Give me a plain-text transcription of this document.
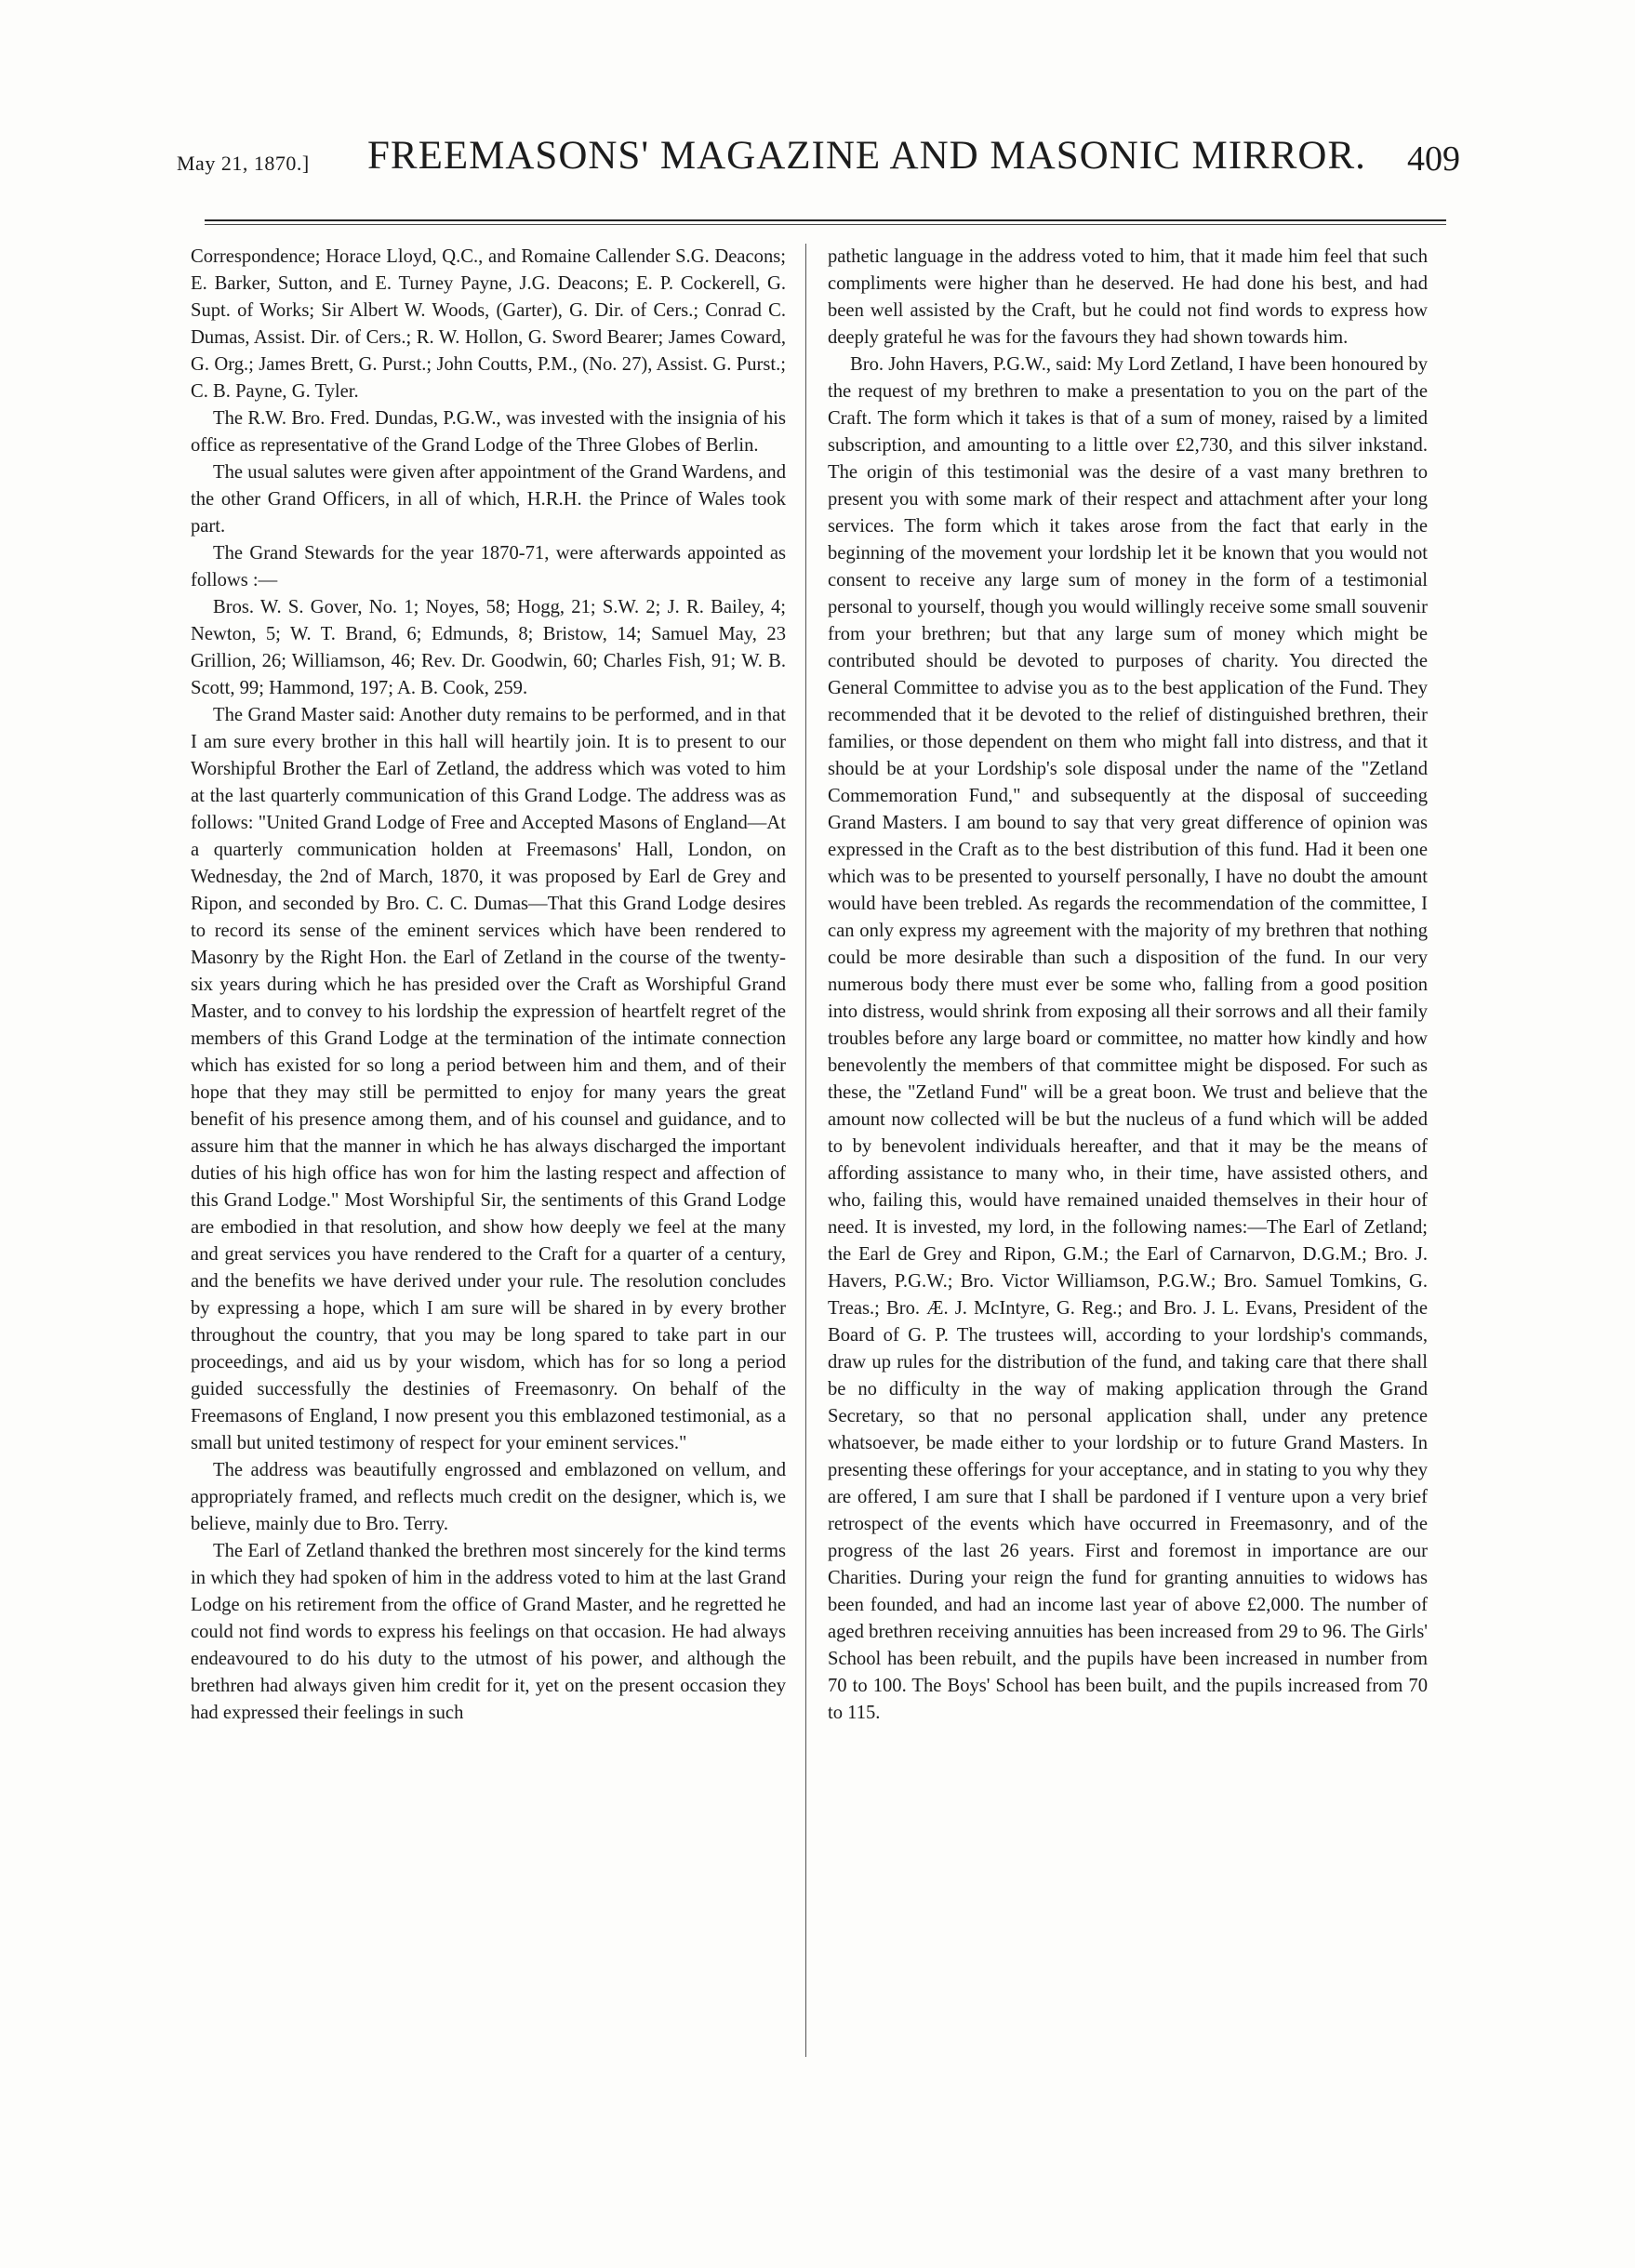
May 21, 1870.] FREEMASONS' MAGAZINE AND MASONIC MIRROR. 409

Correspondence; Horace Lloyd, Q.C., and Romaine Callender S.G. Deacons; E. Barker, Sutton, and E. Turney Payne, J.G. Deacons; E. P. Cockerell, G. Supt. of Works; Sir Albert W. Woods, (Garter), G. Dir. of Cers.; Conrad C. Dumas, Assist. Dir. of Cers.; R. W. Hollon, G. Sword Bearer; James Coward, G. Org.; James Brett, G. Purst.; John Coutts, P.M., (No. 27), Assist. G. Purst.; C. B. Payne, G. Tyler.

The R.W. Bro. Fred. Dundas, P.G.W., was invested with the insignia of his office as representative of the Grand Lodge of the Three Globes of Berlin.

The usual salutes were given after appointment of the Grand Wardens, and the other Grand Officers, in all of which, H.R.H. the Prince of Wales took part.

The Grand Stewards for the year 1870-71, were afterwards appointed as follows :—

Bros. W. S. Gover, No. 1; Noyes, 58; Hogg, 21; S.W. 2; J. R. Bailey, 4; Newton, 5; W. T. Brand, 6; Edmunds, 8; Bristow, 14; Samuel May, 23 Grillion, 26; Williamson, 46; Rev. Dr. Goodwin, 60; Charles Fish, 91; W. B. Scott, 99; Hammond, 197; A. B. Cook, 259.

The Grand Master said: Another duty remains to be performed, and in that I am sure every brother in this hall will heartily join. It is to present to our Worshipful Brother the Earl of Zetland, the address which was voted to him at the last quarterly communication of this Grand Lodge. The address was as follows: "United Grand Lodge of Free and Accepted Masons of England—At a quarterly communication holden at Freemasons' Hall, London, on Wednesday, the 2nd of March, 1870, it was proposed by Earl de Grey and Ripon, and seconded by Bro. C. C. Dumas—That this Grand Lodge desires to record its sense of the eminent services which have been rendered to Masonry by the Right Hon. the Earl of Zetland in the course of the twenty-six years during which he has presided over the Craft as Worshipful Grand Master, and to convey to his lordship the expression of heartfelt regret of the members of this Grand Lodge at the termination of the intimate connection which has existed for so long a period between him and them, and of their hope that they may still be permitted to enjoy for many years the great benefit of his presence among them, and of his counsel and guidance, and to assure him that the manner in which he has always discharged the important duties of his high office has won for him the lasting respect and affection of this Grand Lodge." Most Worshipful Sir, the sentiments of this Grand Lodge are embodied in that resolution, and show how deeply we feel at the many and great services you have rendered to the Craft for a quarter of a century, and the benefits we have derived under your rule. The resolution concludes by expressing a hope, which I am sure will be shared in by every brother throughout the country, that you may be long spared to take part in our proceedings, and aid us by your wisdom, which has for so long a period guided successfully the destinies of Freemasonry. On behalf of the Freemasons of England, I now present you this emblazoned testimonial, as a small but united testimony of respect for your eminent services."

The address was beautifully engrossed and emblazoned on vellum, and appropriately framed, and reflects much credit on the designer, which is, we believe, mainly due to Bro. Terry.

The Earl of Zetland thanked the brethren most sincerely for the kind terms in which they had spoken of him in the address voted to him at the last Grand Lodge on his retirement from the office of Grand Master, and he regretted he could not find words to express his feelings on that occasion. He had always endeavoured to do his duty to the utmost of his power, and although the brethren had always given him credit for it, yet on the present occasion they had expressed their feelings in such

pathetic language in the address voted to him, that it made him feel that such compliments were higher than he deserved. He had done his best, and had been well assisted by the Craft, but he could not find words to express how deeply grateful he was for the favours they had shown towards him.

Bro. John Havers, P.G.W., said: My Lord Zetland, I have been honoured by the request of my brethren to make a presentation to you on the part of the Craft. The form which it takes is that of a sum of money, raised by a limited subscription, and amounting to a little over £2,730, and this silver inkstand. The origin of this testimonial was the desire of a vast many brethren to present you with some mark of their respect and attachment after your long services. The form which it takes arose from the fact that early in the beginning of the movement your lordship let it be known that you would not consent to receive any large sum of money in the form of a testimonial personal to yourself, though you would willingly receive some small souvenir from your brethren; but that any large sum of money which might be contributed should be devoted to purposes of charity. You directed the General Committee to advise you as to the best application of the Fund. They recommended that it be devoted to the relief of distinguished brethren, their families, or those dependent on them who might fall into distress, and that it should be at your Lordship's sole disposal under the name of the "Zetland Commemoration Fund," and subsequently at the disposal of succeeding Grand Masters. I am bound to say that very great difference of opinion was expressed in the Craft as to the best distribution of this fund. Had it been one which was to be presented to yourself personally, I have no doubt the amount would have been trebled. As regards the recommendation of the committee, I can only express my agreement with the majority of my brethren that nothing could be more desirable than such a disposition of the fund. In our very numerous body there must ever be some who, falling from a good position into distress, would shrink from exposing all their sorrows and all their family troubles before any large board or committee, no matter how kindly and how benevolently the members of that committee might be disposed. For such as these, the "Zetland Fund" will be a great boon. We trust and believe that the amount now collected will be but the nucleus of a fund which will be added to by benevolent individuals hereafter, and that it may be the means of affording assistance to many who, in their time, have assisted others, and who, failing this, would have remained unaided themselves in their hour of need. It is invested, my lord, in the following names:—The Earl of Zetland; the Earl de Grey and Ripon, G.M.; the Earl of Carnarvon, D.G.M.; Bro. J. Havers, P.G.W.; Bro. Victor Williamson, P.G.W.; Bro. Samuel Tomkins, G. Treas.; Bro. Æ. J. McIntyre, G. Reg.; and Bro. J. L. Evans, President of the Board of G. P. The trustees will, according to your lordship's commands, draw up rules for the distribution of the fund, and taking care that there shall be no difficulty in the way of making application through the Grand Secretary, so that no personal application shall, under any pretence whatsoever, be made either to your lordship or to future Grand Masters. In presenting these offerings for your acceptance, and in stating to you why they are offered, I am sure that I shall be pardoned if I venture upon a very brief retrospect of the events which have occurred in Freemasonry, and of the progress of the last 26 years. First and foremost in importance are our Charities. During your reign the fund for granting annuities to widows has been founded, and had an income last year of above £2,000. The number of aged brethren receiving annuities has been increased from 29 to 96. The Girls' School has been rebuilt, and the pupils have been increased in number from 70 to 100. The Boys' School has been built, and the pupils increased from 70 to 115.
